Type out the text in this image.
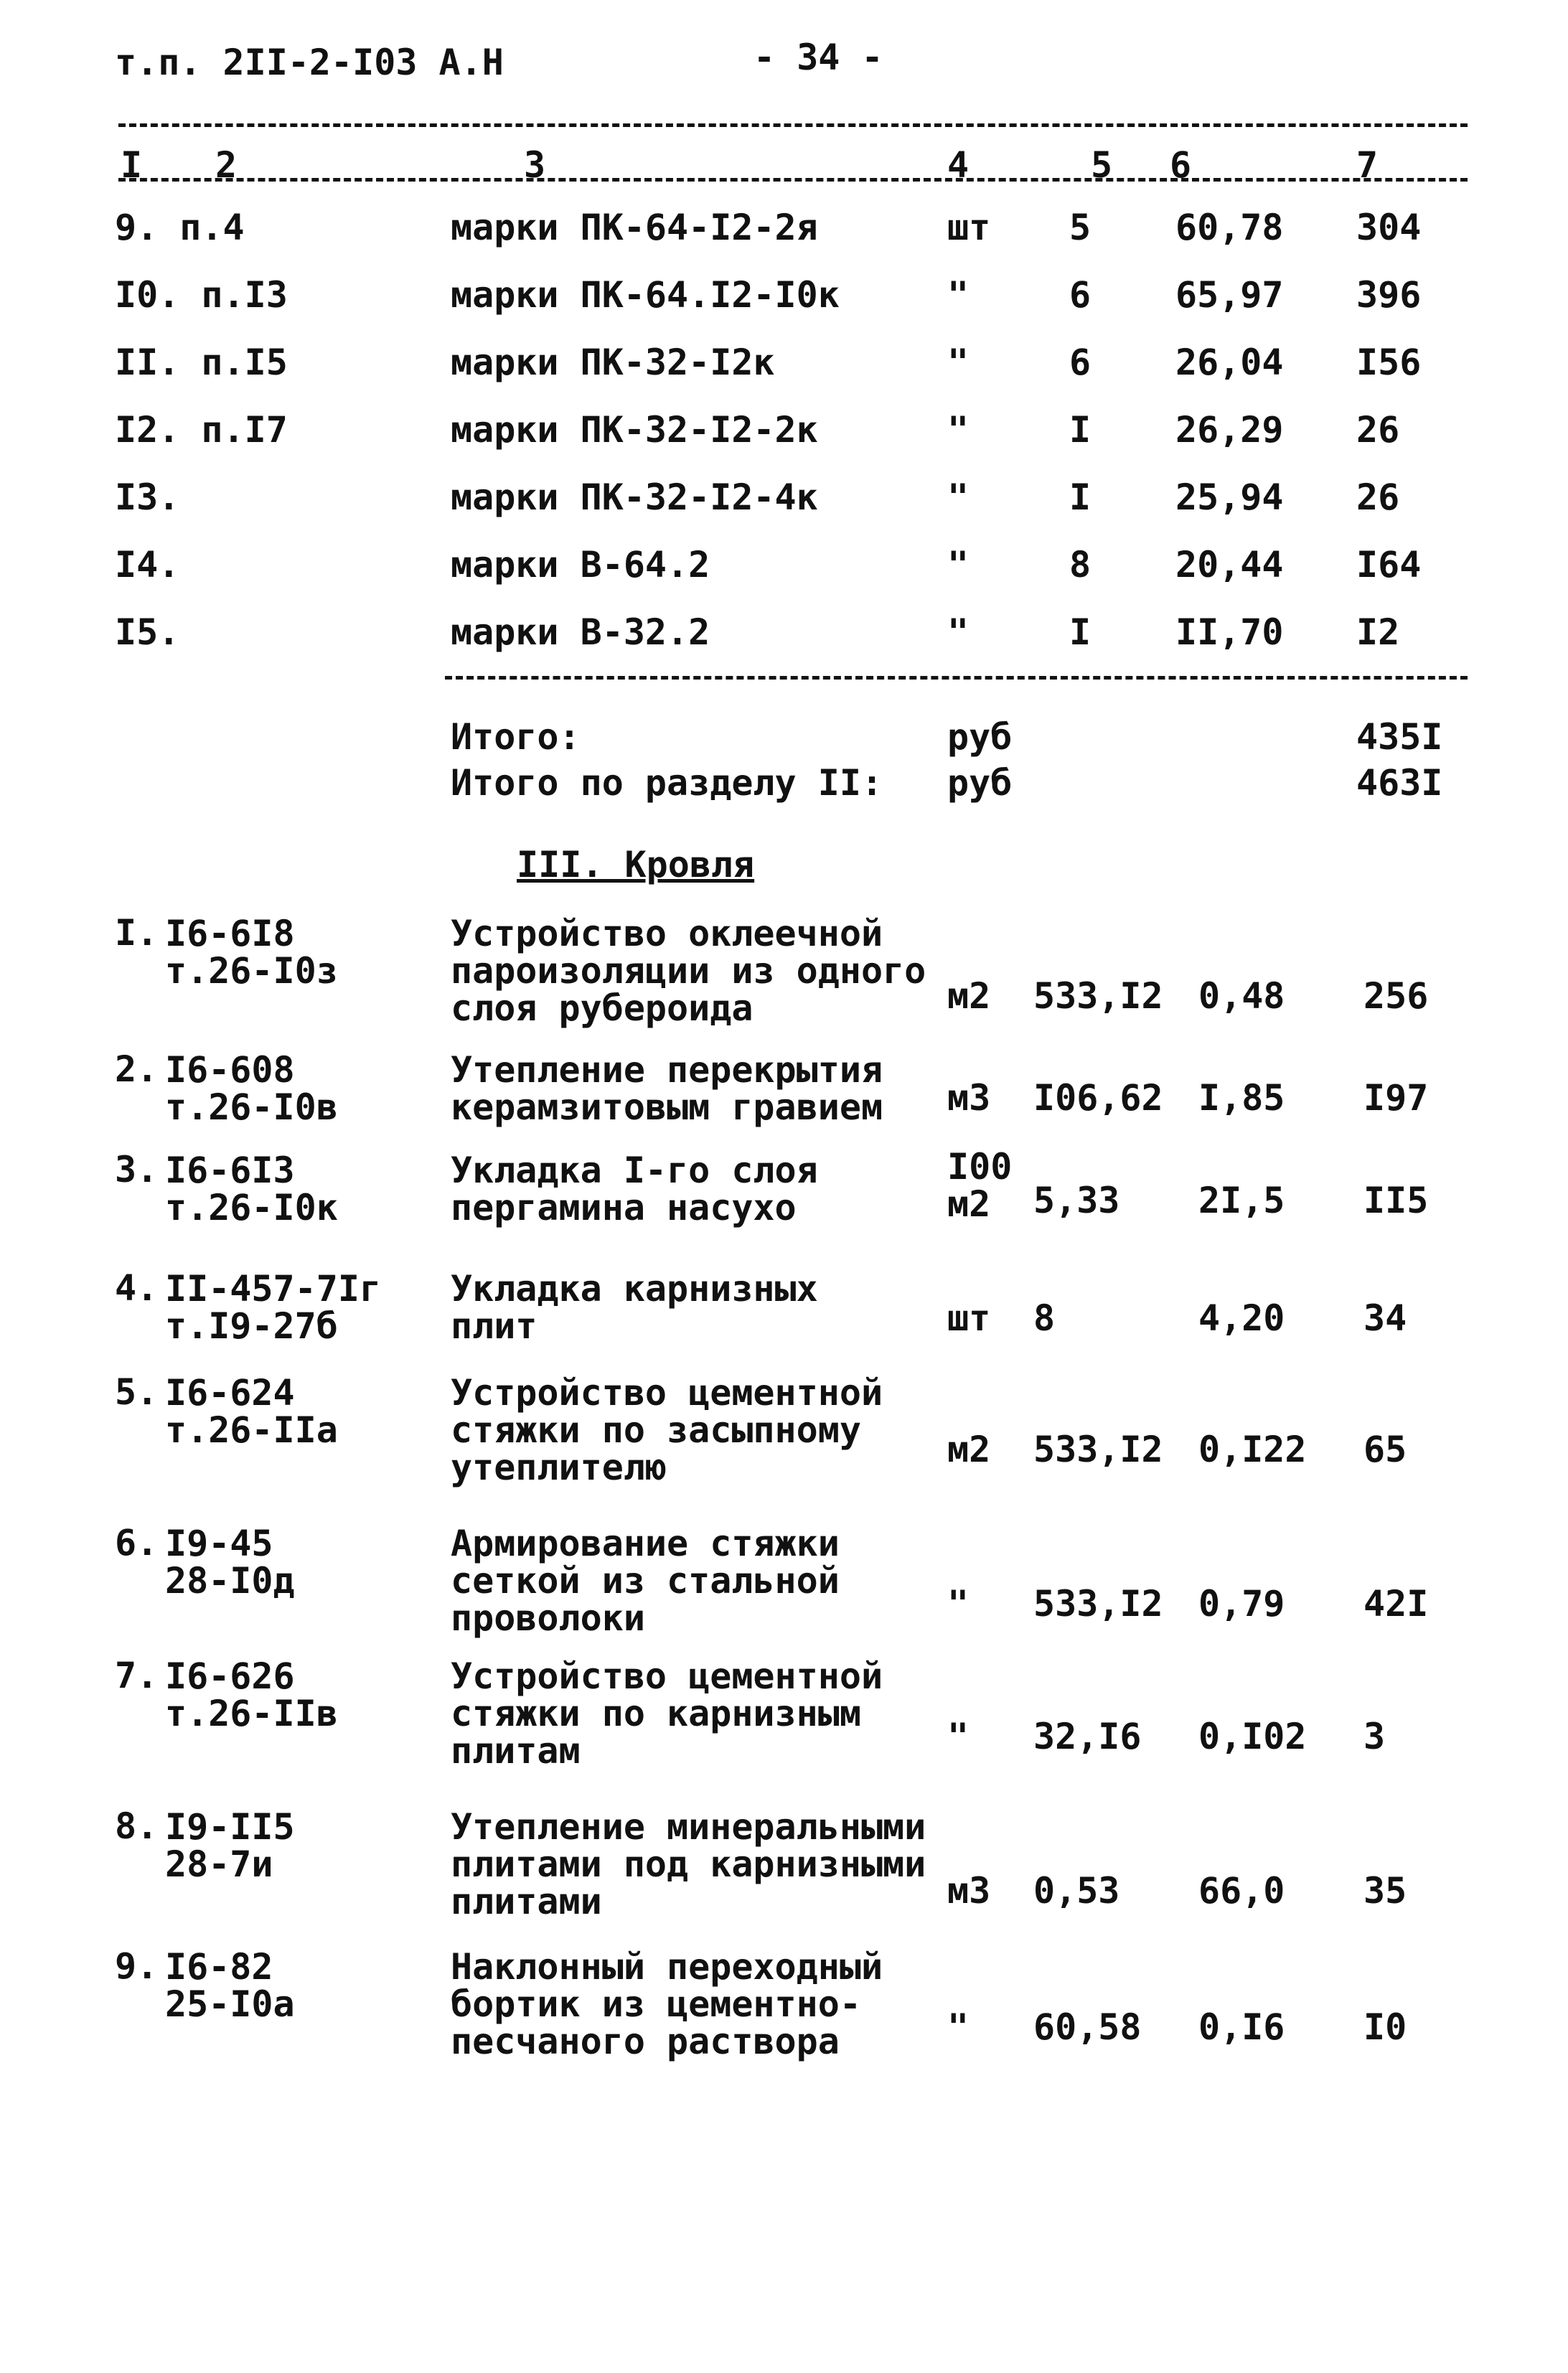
т.п. 2II-2-I03 А.Н	- 34 -
I 2	3	4	5 6	7
9. п.4	марки ПК-64-I2-2я	шт 5 60,78 304
I0. п.I3	марки ПК-64.I2-I0к	"	6 65,97 396
II. п.I5	марки ПК-32-I2к	"	6 26,04 I56
I2. п.I7	марки ПК-32-I2-2к	"	I 26,29 26
I3.	марки ПК-32-I2-4к	"	I 25,94 26
I4.	марки В-64.2	"	8 20,44 I64
I5.	марки В-32.2	"	I II,70 I2
Итого:	руб	435I
Итого по разделу II: руб	463I
III. Кровля
I. I6-6I8
т.26-I0з
Устройство оклеечной
пароизоляции из одного
слоя рубероида	м2 533,I2 0,48 256
2. I6-608
т.26-I0в
Утепление перекрытия
керамзитовым гравием м3 I06,62 I,85 I97
3. I6-6I3
т.26-I0к
Укладка I-го слоя
пергамина насухо
I00
м2	5,33 2I,5 II5
4. II-457-7Iг
т.I9-27б
Укладка карнизных
плит	шт 8	4,20 34
5. I6-624
т.26-IIа
Устройство цементной
стяжки по засыпному
утеплителю	м2 533,I2 0,I22 65
6. I9-45
28-I0д
Армирование стяжки
сеткой из стальной
проволоки	" 533,I2 0,79 42I
7. I6-626
т.26-IIв
Устройство цементной
стяжки по карнизным
плитам	" 32,I6 0,I02 3
8. I9-II5
28-7и
Утепление минеральными
плитами под карнизными
плитами	м3 0,53 66,0 35
9. I6-82
25-I0а
Наклонный переходный
бортик из цементно-
песчаного раствора	" 60,58 0,I6 I0
